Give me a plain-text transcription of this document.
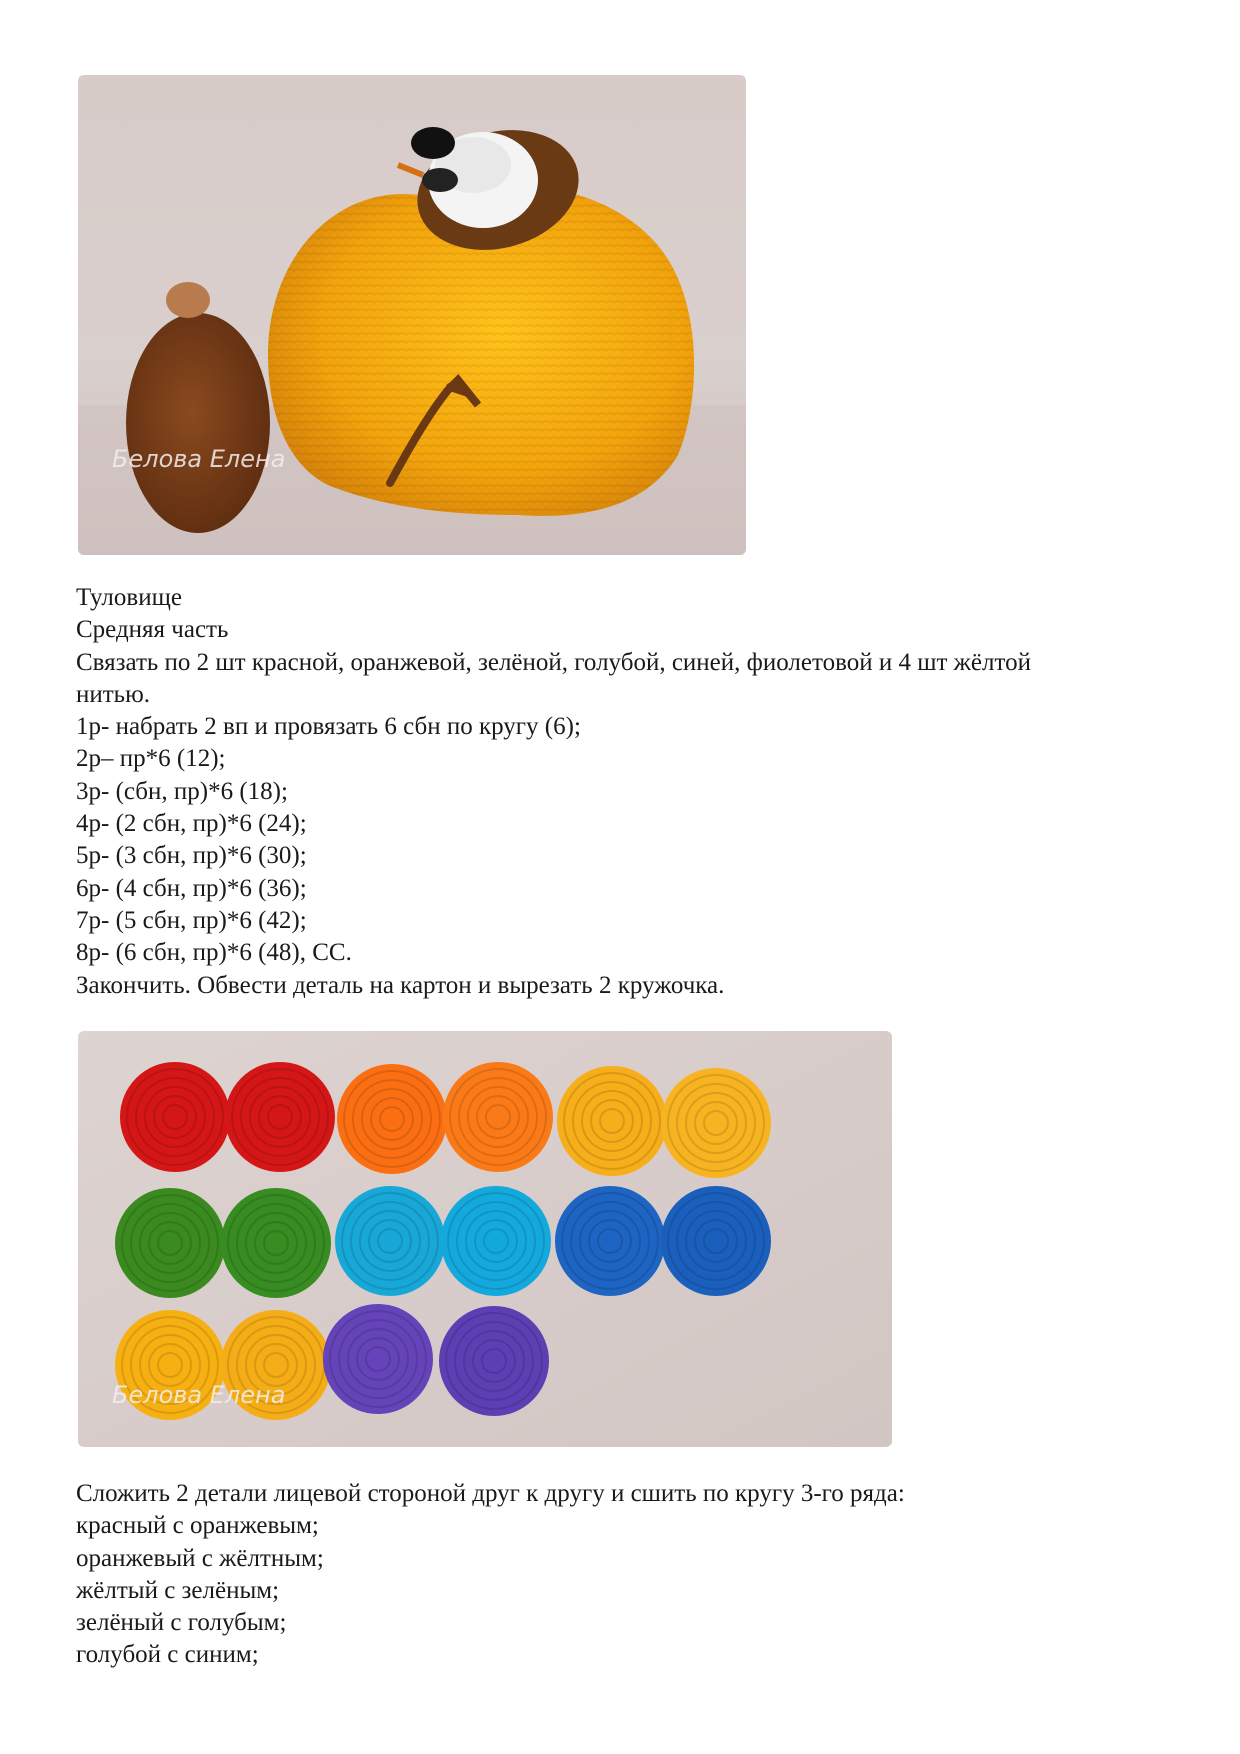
Белова Елена
Туловище
Средняя часть
Связать по 2 шт красной, оранжевой, зелёной, голубой, синей, фиолетовой и 4 шт жёлтой
нитью.
1р- набрать 2 вп и провязать 6 сбн по кругу (6);
2р– пр*6 (12);
3р- (сбн, пр)*6 (18);
4р- (2 сбн, пр)*6 (24);
5р- (3 сбн, пр)*6 (30);
6р- (4 сбн, пр)*6 (36);
7р- (5 сбн, пр)*6 (42);
8р- (6 сбн, пр)*6 (48), СС.
Закончить. Обвести деталь на картон и вырезать 2 кружочка.
Белова Елена
Сложить 2 детали лицевой стороной друг к другу и сшить по кругу 3-го ряда:
красный с оранжевым;
оранжевый с жёлтным;
жёлтый с зелёным;
зелёный с голубым;
голубой с синим;
